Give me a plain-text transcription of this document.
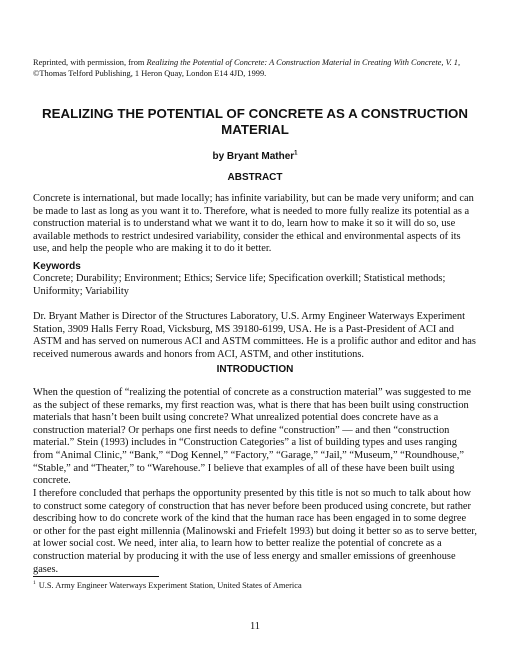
Reprinted, with permission, from Realizing the Potential of Concrete: A Construction Material in Creating With Concrete, V. 1,
©Thomas Telford Publishing, 1 Heron Quay, London E14 4JD, 1999.
REALIZING THE POTENTIAL OF CONCRETE AS A CONSTRUCTION MATERIAL
by Bryant Mather$^1$
ABSTRACT
Concrete is international, but made locally; has infinite variability, but can be made very uniform; and can be made to last as long as you want it to. Therefore, what is needed to more fully realize its potential as a construction material is to understand what we want it to do, learn how to make it so it will do so, use available methods to restrict undesired variability, consider the ethical and environmental aspects of its use, and help the people who are making it to do it better.
Keywords
Concrete; Durability; Environment; Ethics; Service life; Specification overkill; Statistical methods; Uniformity; Variability
Dr. Bryant Mather is Director of the Structures Laboratory, U.S. Army Engineer Waterways Experiment Station, 3909 Halls Ferry Road, Vicksburg, MS 39180-6199, USA. He is a Past-President of ACI and ASTM and has served on numerous ACI and ASTM committees. He is a prolific author and editor and has received numerous awards and honors from ACI, ASTM, and other institutions.
INTRODUCTION
When the question of “realizing the potential of concrete as a construction material” was suggested to me as the subject of these remarks, my first reaction was, what is there that has been built using construction materials that hasn’t been built using concrete? What unrealized potential does concrete have as a construction material? Or perhaps one first needs to define “construction” — and then “construction material.” Stein (1993) includes in “Construction Categories” a list of building types and uses ranging from “Animal Clinic,” “Bank,” “Dog Kennel,” “Factory,” “Garage,” “Jail,” “Museum,” “Roundhouse,” “Stable,” and “Theater,” to “Warehouse.” I believe that examples of all of these have been built using concrete.
I therefore concluded that perhaps the opportunity presented by this title is not so much to talk about how to construct some category of construction that has never before been produced using concrete, but rather describing how to do concrete work of the kind that the human race has been engaged in to some degree or other for the past eight millennia (Malinowski and Friefelt 1993) but doing it better so as to serve better, at lower social cost. We need, inter alia, to learn how to better realize the potential of concrete as a construction material by producing it with the use of less energy and smaller emissions of greenhouse gases.
$^1$ U.S. Army Engineer Waterways Experiment Station, United States of America
11
